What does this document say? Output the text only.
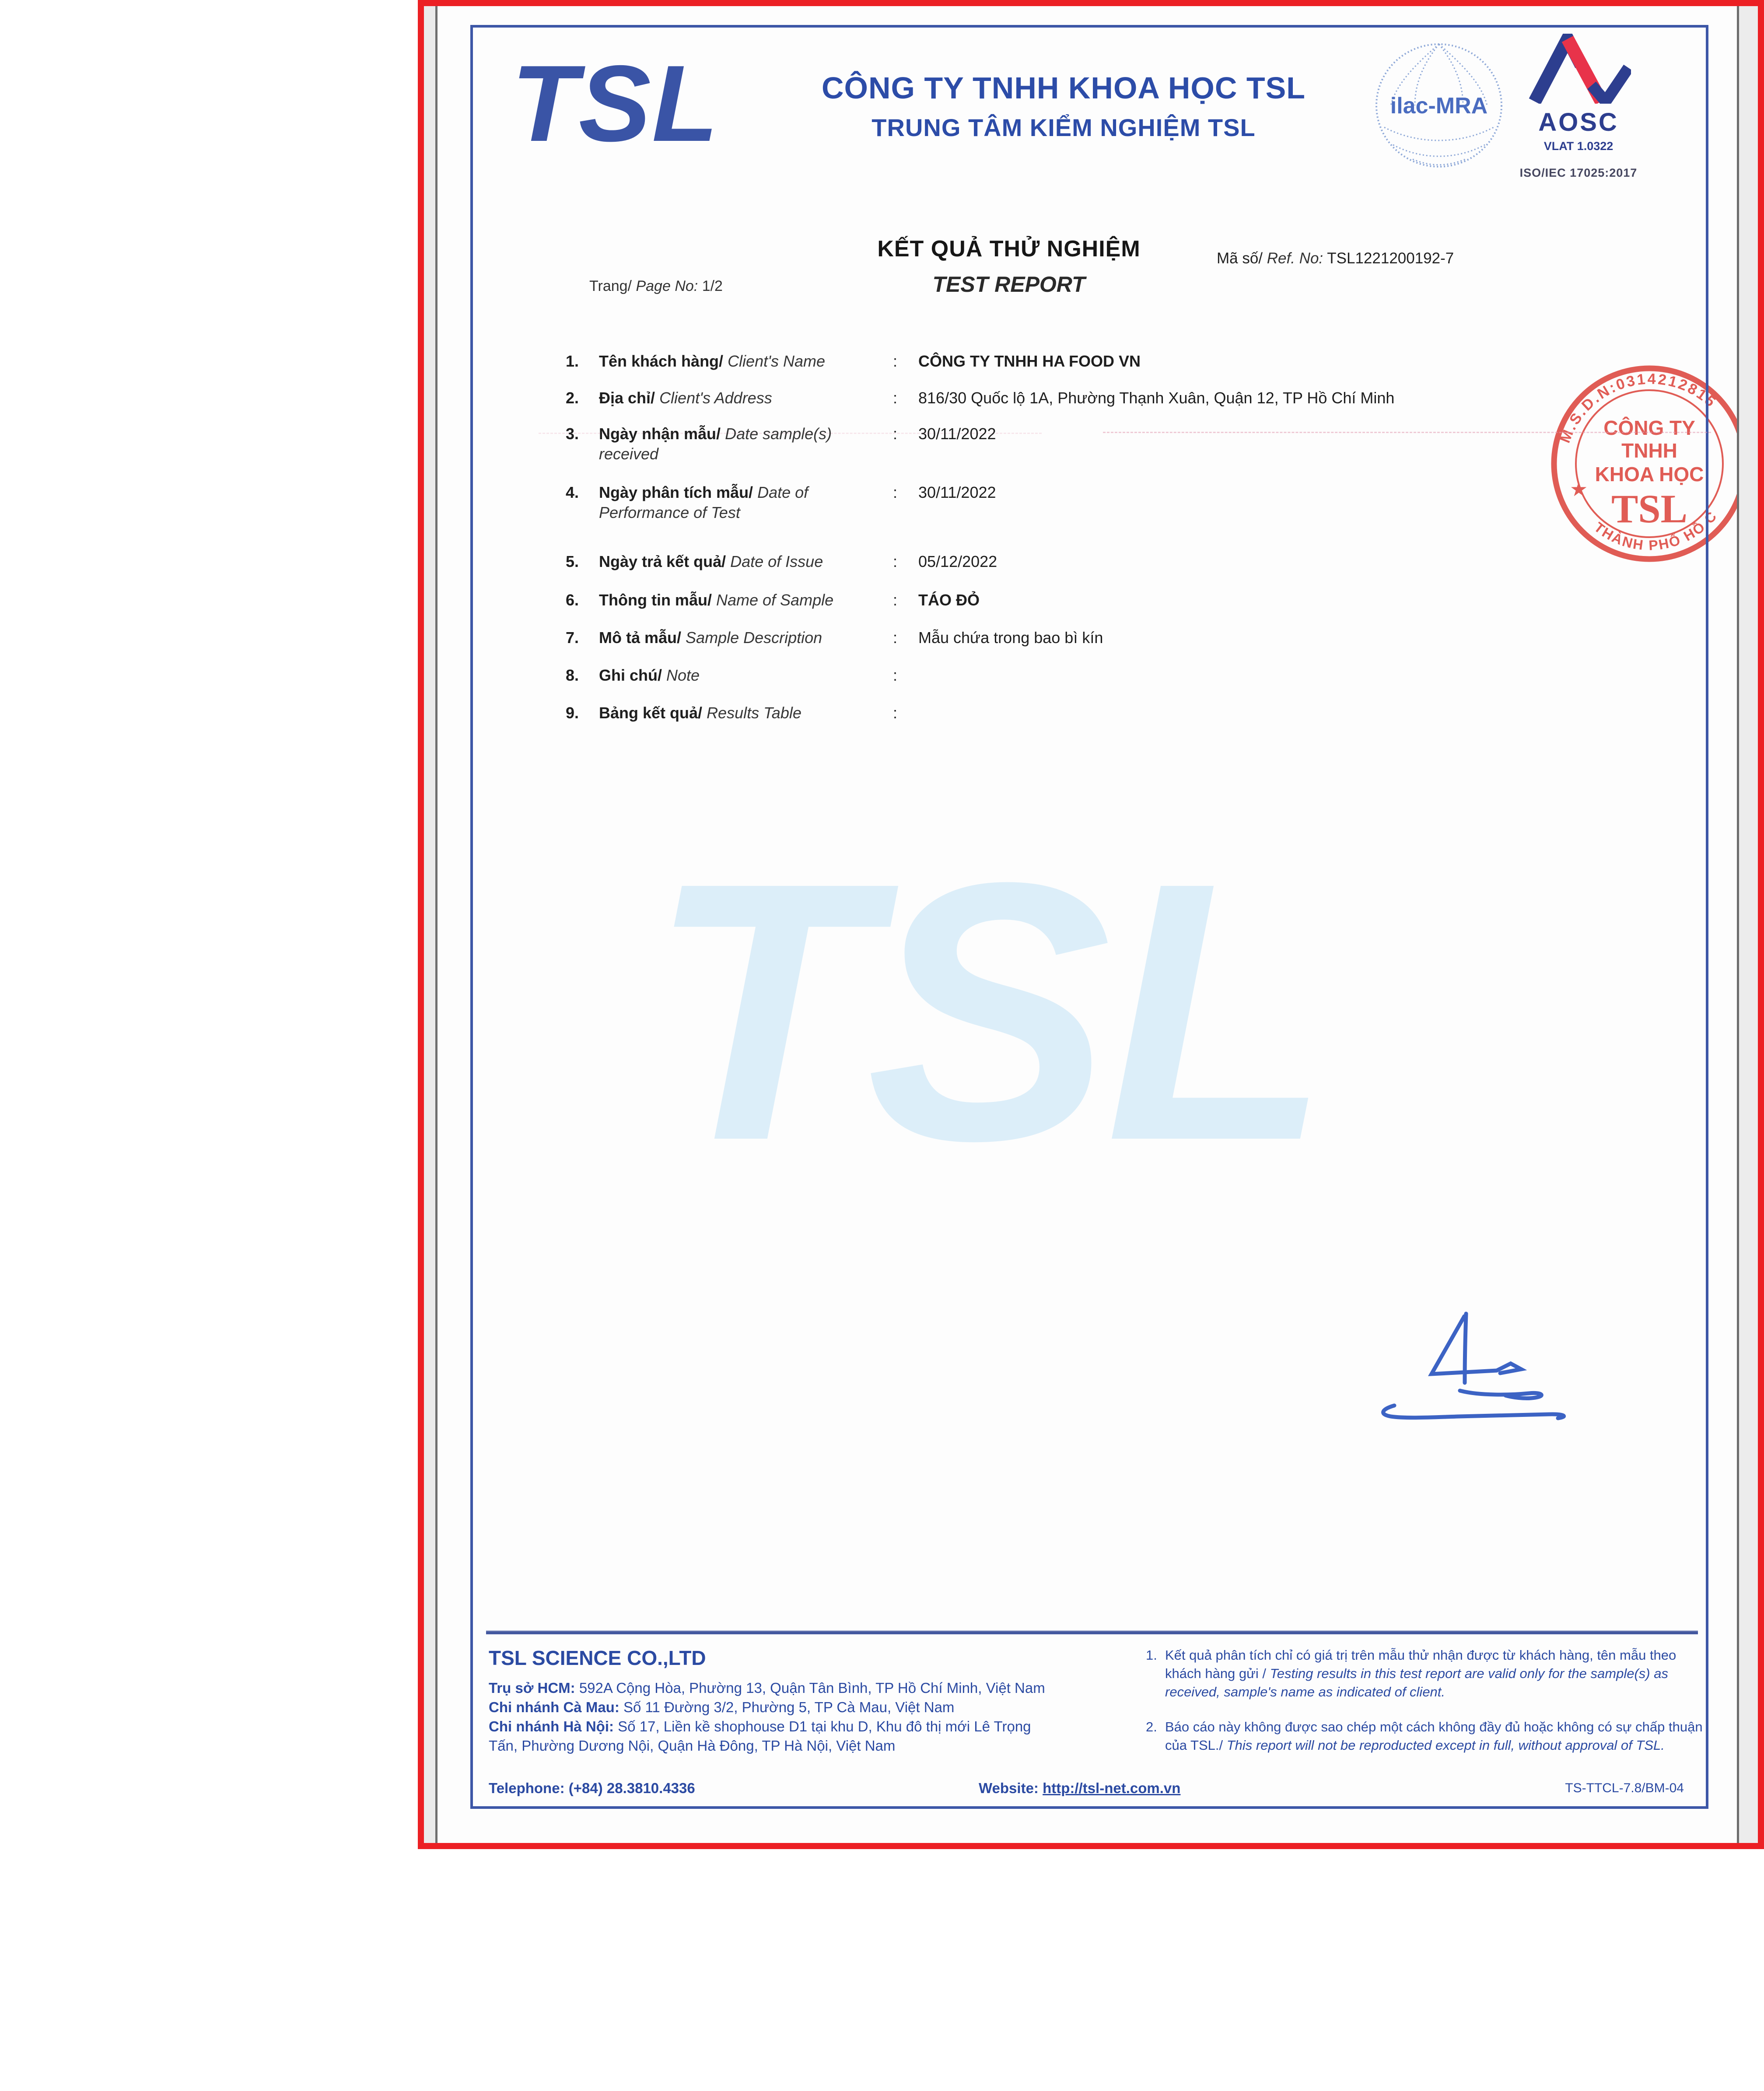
M.S.D.N:0314212815
★
THÀNH PHỐ HỒ C
CÔNG TY
TNHH
KHOA HỌC
TSL
TSL
TSL	CÔNG TY TNHH KHOA HỌC TSL
TRUNG TÂM KIỂM NGHIỆM TSL
ilac-MRA
AOSC
VLAT 1.0322
ISO/IEC 17025:2017
KẾT QUẢ THỬ NGHIỆM
TEST REPORT
Mã số/ Ref. No: TSL1221200192-7
Trang/ Page No: 1/2
1.	Tên khách hàng/ Client's Name	:	CÔNG TY TNHH HA FOOD VN
2.	Địa chỉ/ Client's Address	:	816/30 Quốc lộ 1A, Phường Thạnh Xuân, Quận 12, TP Hồ Chí Minh
3.	Ngày nhận mẫu/ Date sample(s)
received
:	30/11/2022
4.	Ngày phân tích mẫu/ Date of
Performance of Test
:	30/11/2022
5.	Ngày trả kết quả/ Date of Issue	:	05/12/2022
6.	Thông tin mẫu/ Name of Sample	:	TÁO ĐỎ
7.	Mô tả mẫu/ Sample Description	:	Mẫu chứa trong bao bì kín
8.	Ghi chú/ Note	:
9.	Bảng kết quả/ Results Table	:
TSL SCIENCE CO.,LTD

Trụ sở HCM: 592A Cộng Hòa, Phường 13, Quận Tân Bình, TP Hồ Chí Minh, Việt Nam

Chi nhánh Cà Mau: Số 11 Đường 3/2, Phường 5, TP Cà Mau, Việt Nam

Chi nhánh Hà Nội: Số 17, Liền kề shophouse D1 tại khu D, Khu đô thị mới Lê Trọng Tấn, Phường Dương Nội, Quận Hà Đông, TP Hà Nội, Việt Nam

1. Kết quả phân tích chỉ có giá trị trên mẫu thử nhận được từ khách hàng, tên mẫu theo khách hàng gửi / Testing results in this test report are valid only for the sample(s) as received, sample's name as indicated of client.

2. Báo cáo này không được sao chép một cách không đầy đủ hoặc không có sự chấp thuận của TSL./ This report will not be reproducted except in full, without approval of TSL.

Telephone: (+84) 28.3810.4336	Website: http://tsl-net.com.vn	TS-TTCL-7.8/BM-04
